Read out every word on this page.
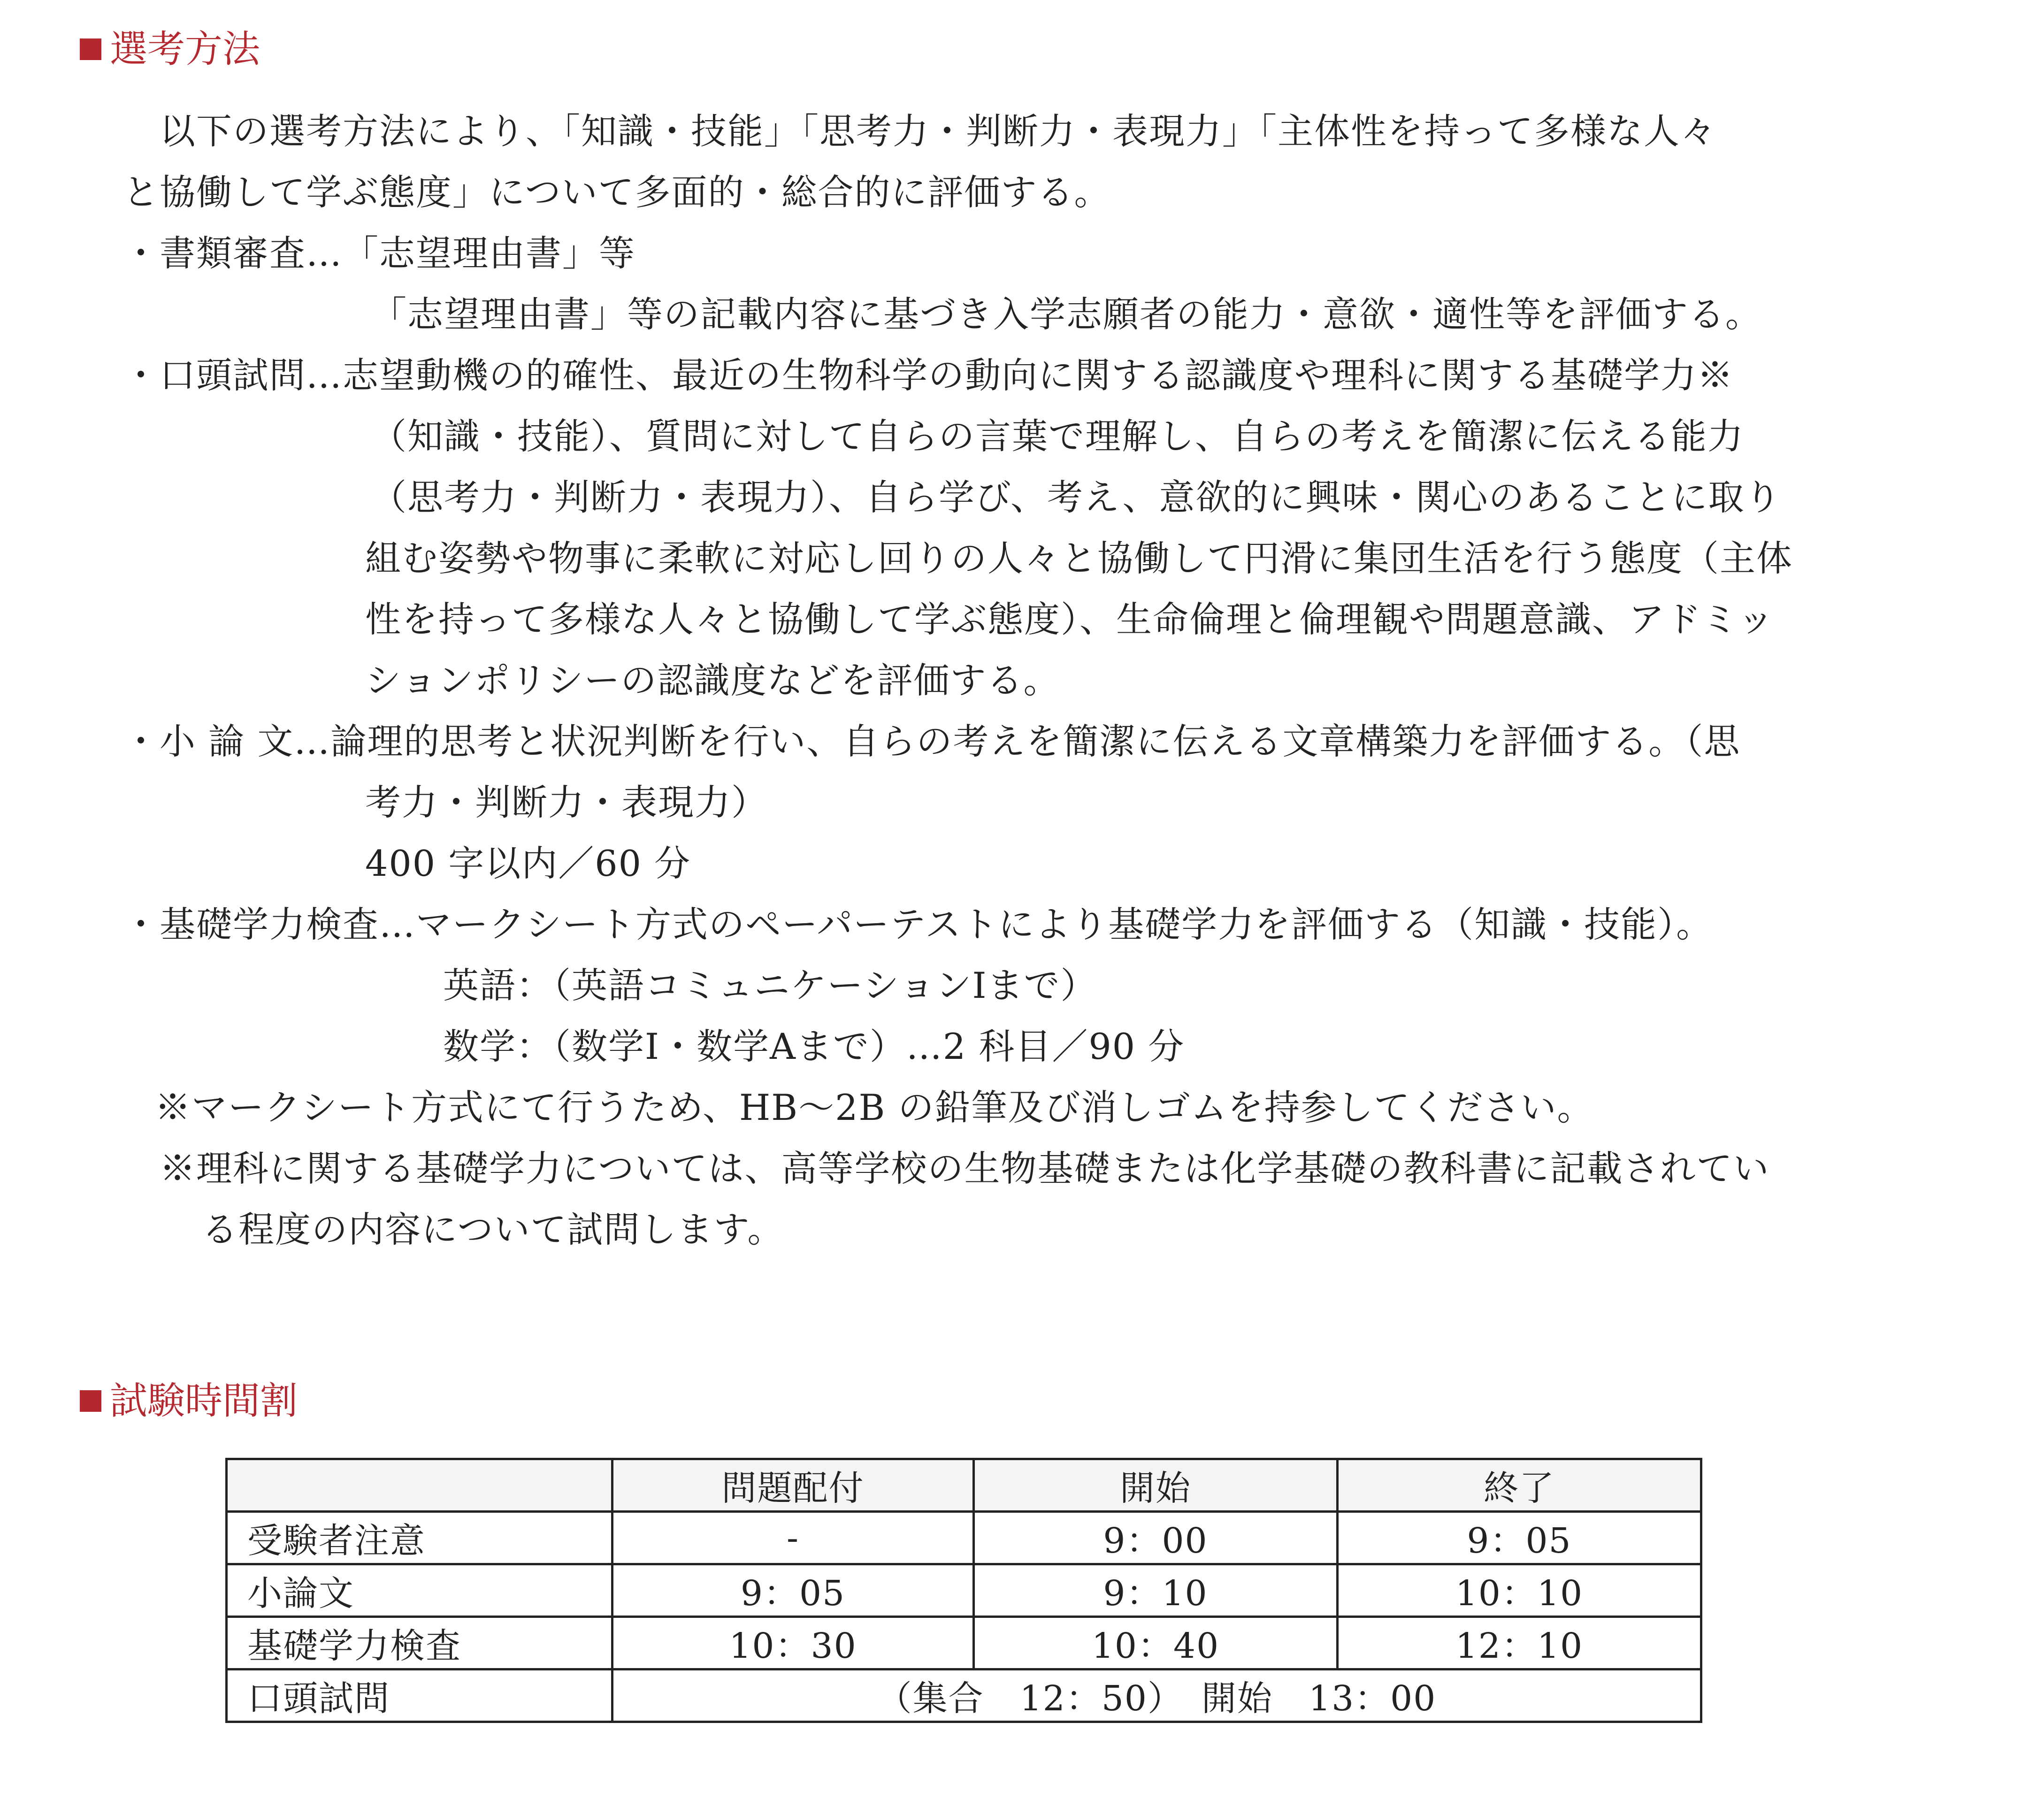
選考方法
以下の選考方法により、「知識・技能」「思考力・判断力・表現力」「主体性を持って多様な人々
と協働して学ぶ態度」について多面的・総合的に評価する。
・書類審査…「志望理由書」等
「志望理由書」等の記載内容に基づき入学志願者の能力・意欲・適性等を評価する。
・口頭試問…志望動機の的確性、最近の生物科学の動向に関する認識度や理科に関する基礎学力※
（知識・技能）、質問に対して自らの言葉で理解し、自らの考えを簡潔に伝える能力
（思考力・判断力・表現力）、自ら学び、考え、意欲的に興味・関心のあることに取り
組む姿勢や物事に柔軟に対応し回りの人々と協働して円滑に集団生活を行う態度（主体
性を持って多様な人々と協働して学ぶ態度）、生命倫理と倫理観や問題意識、アドミッ
ションポリシーの認識度などを評価する。
・小 論 文…論理的思考と状況判断を行い、自らの考えを簡潔に伝える文章構築力を評価する。（思
考力・判断力・表現力）
400 字以内／60 分
・基礎学力検査…マークシート方式のペーパーテストにより基礎学力を評価する（知識・技能）。
英語：（英語コミュニケーションⅠまで）
数学：（数学Ⅰ・数学Aまで）…2 科目／90 分
※マークシート方式にて行うため、HB～2B の鉛筆及び消しゴムを持参してください。
※理科に関する基礎学力については、高等学校の生物基礎または化学基礎の教科書に記載されてい
る程度の内容について試問します。
試験時間割
	問題配付	開始	終了
受験者注意	-	9：00	9：05
小論文	9：05	9：10	10：10
基礎学力検査	10：30	10：40	12：10
口頭試問	（集合　12：50）　開始　13：00		
